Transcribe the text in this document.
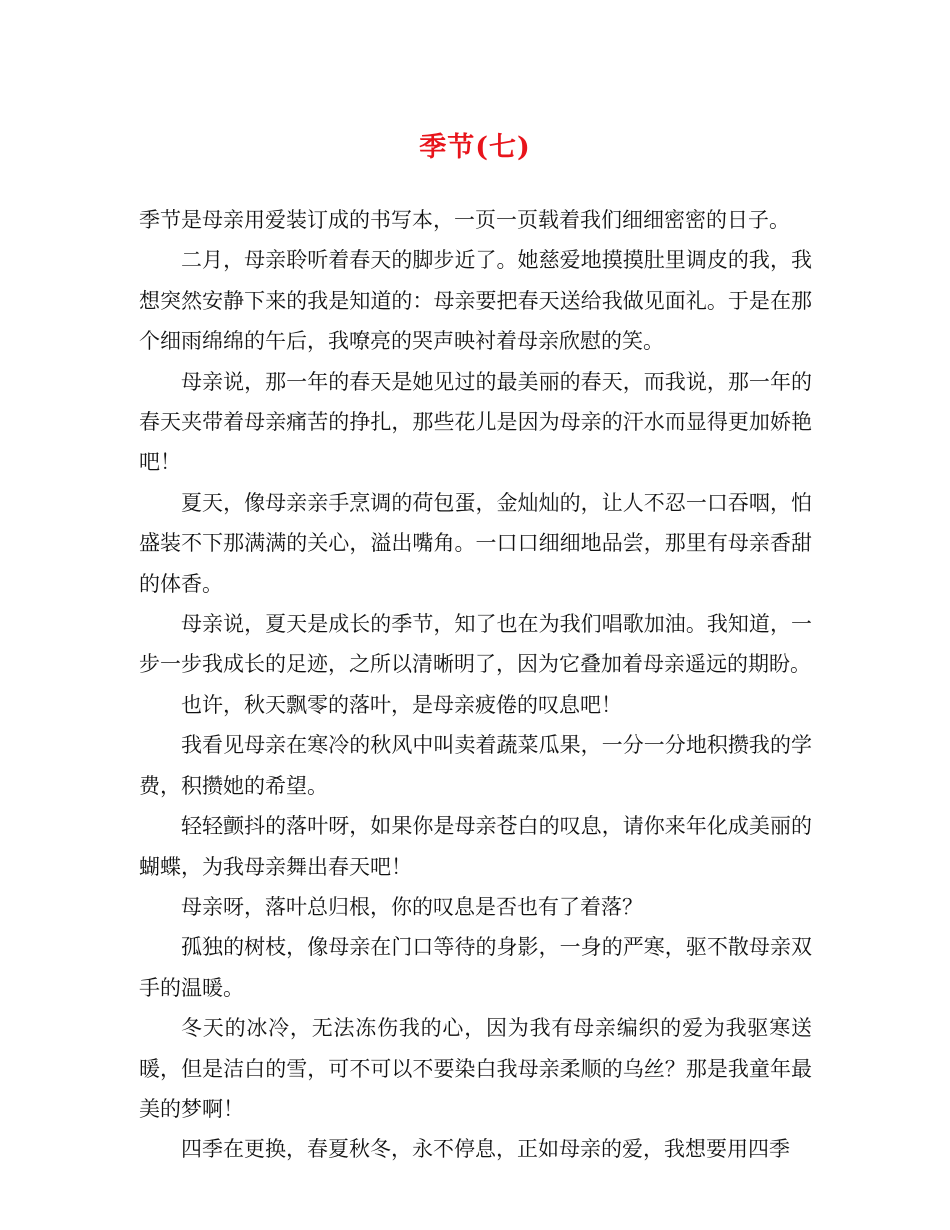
季节(七)

季节是母亲用爱装订成的书写本，一页一页载着我们细细密密的日子。

二月，母亲聆听着春天的脚步近了。她慈爱地摸摸肚里调皮的我，我想突然安静下来的我是知道的：母亲要把春天送给我做见面礼。于是在那个细雨绵绵的午后，我嘹亮的哭声映衬着母亲欣慰的笑。

母亲说，那一年的春天是她见过的最美丽的春天，而我说，那一年的春天夹带着母亲痛苦的挣扎，那些花儿是因为母亲的汗水而显得更加娇艳吧！

夏天，像母亲亲手烹调的荷包蛋，金灿灿的，让人不忍一口吞咽，怕盛装不下那满满的关心，溢出嘴角。一口口细细地品尝，那里有母亲香甜的体香。

母亲说，夏天是成长的季节，知了也在为我们唱歌加油。我知道，一步一步我成长的足迹，之所以清晰明了，因为它叠加着母亲遥远的期盼。

也许，秋天飘零的落叶，是母亲疲倦的叹息吧！

我看见母亲在寒冷的秋风中叫卖着蔬菜瓜果，一分一分地积攒我的学费，积攒她的希望。

轻轻颤抖的落叶呀，如果你是母亲苍白的叹息，请你来年化成美丽的蝴蝶，为我母亲舞出春天吧！

母亲呀，落叶总归根，你的叹息是否也有了着落？

孤独的树枝，像母亲在门口等待的身影，一身的严寒，驱不散母亲双手的温暖。

冬天的冰冷，无法冻伤我的心，因为我有母亲编织的爱为我驱寒送暖，但是洁白的雪，可不可以不要染白我母亲柔顺的乌丝？那是我童年最美的梦啊！

四季在更换，春夏秋冬，永不停息，正如母亲的爱，我想要用四季
